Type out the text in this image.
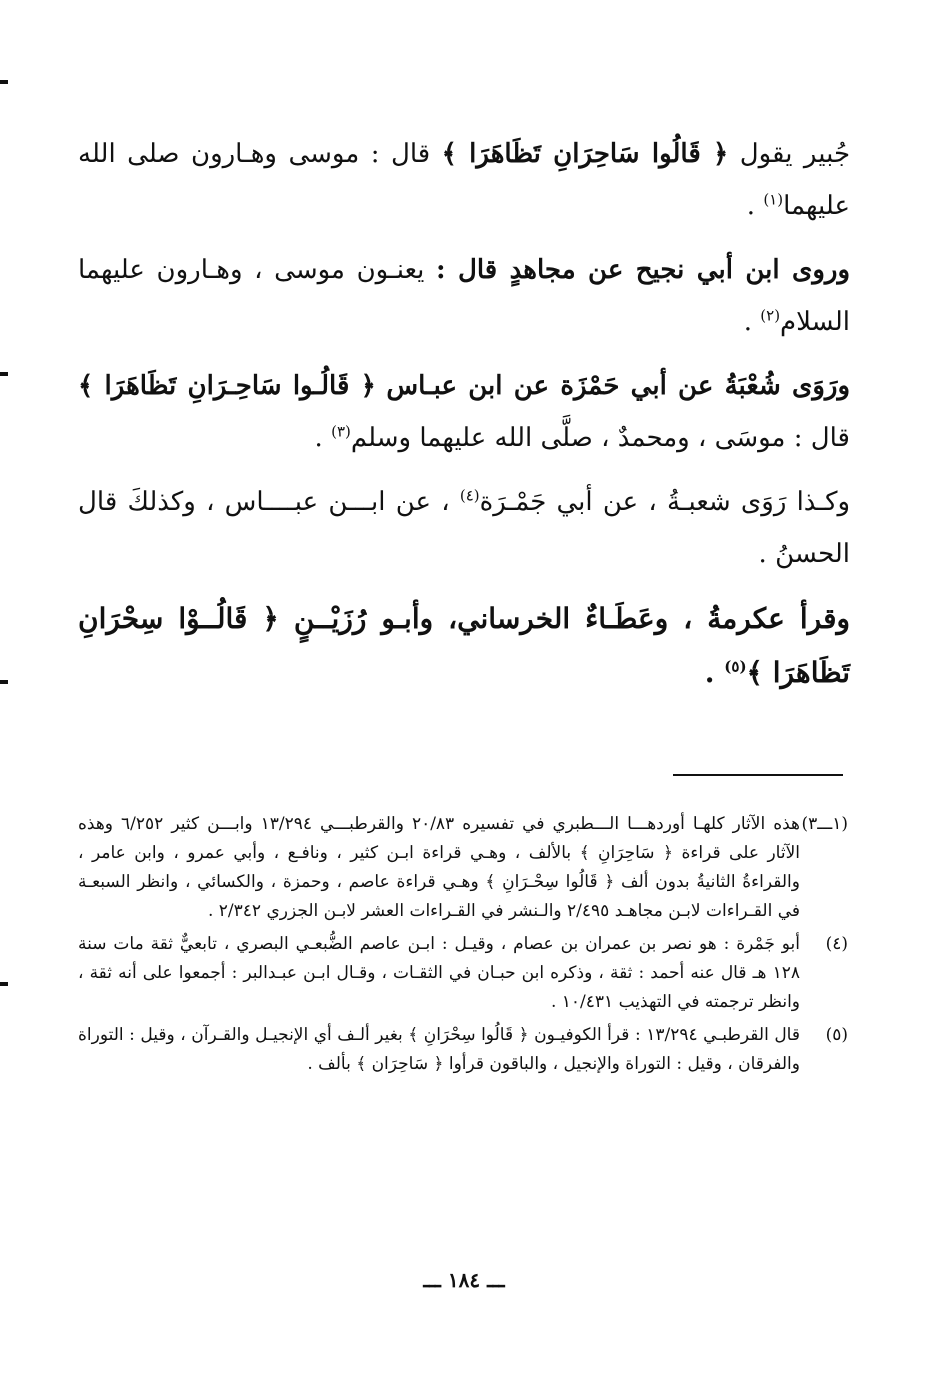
جُبير يقول ﴿ قَالُوا سَاحِرَانِ تَظَاهَرَا ﴾ قال : موسى وهـارون صلى الله عليهما$^{(١)}$ .

وروى ابن أبي نجيح عن مجاهدٍ قال : يعنـون موسى ، وهـارون عليهما السلام$^{(٢)}$ .

ورَوَى شُعْبَةُ عن أبي حَمْزَة عن ابن عبـاس ﴿ قَالُـوا سَاحِـرَانِ تَظَاهَرَا ﴾ قال : موسَى ، ومحمدٌ ، صلَّى الله عليهما وسلم$^{(٣)}$ .

وكـذا رَوَى شعبـةُ ، عن أبي جَمْـرَة$^{(٤)}$ ، عن ابـــن عبــــاس ، وكذلكَ قال الحسنُ .

وقرأ عكرمةُ ، وعَطَـاءٌ الخرساني، وأبـو رُزَيْــنٍ ﴿ قَالُــوْا سِحْرَانِ تَظَاهَرَا ﴾$^{(٥)}$ .

(١ـــ٣)
هذه الآثار كلهـا أوردهـــا الـــطبري في تفسيره ٢٠/٨٣ والقرطبـــي ١٣/٢٩٤ وابـــن كثير ٦/٢٥٢ وهذه الآثار على قراءة ﴿ سَاحِرَانِ ﴾ بالألف ، وهـي قراءة ابـن كثير ، ونافـع ، وأبي عمرو ، وابن عامر ، والقراءةُ الثانيةُ بدون ألف ﴿ قَالُوا سِحْـرَانِ ﴾ وهـي قراءة عاصم ، وحمزة ، والكسائي ، وانظر السبعـة في القـراءات لابـن مجاهـد ٢/٤٩٥ والـنشر في القـراءات العشر لابـن الجزري ٢/٣٤٢ .
(٤)
أبو جَمْرة : هو نصر بن عمران بن عصام ، وقيـل : ابـن عاصم الضُّبعـي البصري ، تابعيٌّ ثقة مات سنة ١٢٨ هـ قال عنه أحمد : ثقة ، وذكره ابن حبـان في الثقـات ، وقـال ابـن عبـدالبر : أجمعوا على أنه ثقة ، وانظر ترجمته في التهذيب ١٠/٤٣١ .
(٥)
قال القرطبـي ١٣/٢٩٤ : قرأ الكوفيـون ﴿ قَالُوا سِحْرَانِ ﴾ بغير ألـف أي الإنجيـل والقـرآن ، وقيل : التوراة والفرقان ، وقيل : التوراة والإنجيل ، والباقون قرأوا ﴿ سَاحِرَان ﴾ بألف .
ـــ ١٨٤ ـــ
